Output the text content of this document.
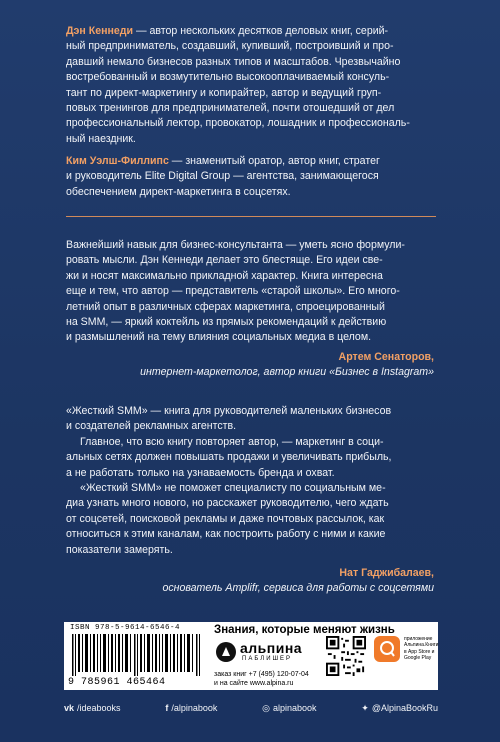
Дэн Кеннеди — автор нескольких десятков деловых книг, серий-
ный предприниматель, создавший, купивший, построивший и про-
давший немало бизнесов разных типов и масштабов. Чрезвычайно
востребованный и возмутительно высокооплачиваемый консуль-
тант по директ-маркетингу и копирайтер, автор и ведущий груп-
повых тренингов для предпринимателей, почти отошедший от дел
профессиональный лектор, провокатор, лошадник и профессиональ-
ный наездник.
Ким Уэлш-Филлипс — знаменитый оратор, автор книг, стратег
и руководитель Elite Digital Group — агентства, занимающегося
обеспечением директ-маркетинга в соцсетях.
Важнейший навык для бизнес-консультанта — уметь ясно формули-
ровать мысли. Дэн Кеннеди делает это блестяще. Его идеи све-
жи и носят максимально прикладной характер. Книга интересна
еще и тем, что автор — представитель «старой школы». Его много-
летний опыт в различных сферах маркетинга, спроецированный
на SMM, — яркий коктейль из прямых рекомендаций к действию
и размышлений на тему влияния социальных медиа в целом.
Артем Сенаторов,
интернет-маркетолог, автор книги «Бизнес в Instagram»
«Жесткий SMM» — книга для руководителей маленьких бизнесов
и создателей рекламных агентств.

Главное, что всю книгу повторяет автор, — маркетинг в соци-
альных сетях должен повышать продажи и увеличивать прибыль,
а не работать только на узнаваемость бренда и охват.

«Жесткий SMM» не поможет специалисту по социальным ме-
диа узнать много нового, но расскажет руководителю, чего ждать
от соцсетей, поисковой рекламы и даже почтовых рассылок, как
относиться к этим каналам, как построить работу с ними и какие
показатели замерять.
Нат Гаджибалаев,
основатель Amplifr, сервиса для работы с соцсетями
ISBN 978-5-9614-6546-4
9 785961 465464
Знания, которые меняют жизнь
альпина
ПАБЛИШЕР
заказ книг +7 (495) 120-07-04
и на сайте www.alpina.ru
приложение Альпина.Книги в App Store и Google Play
vk /ideabooks	f /alpinabook	◎ alpinabook	✦ @AlpinaBookRu
